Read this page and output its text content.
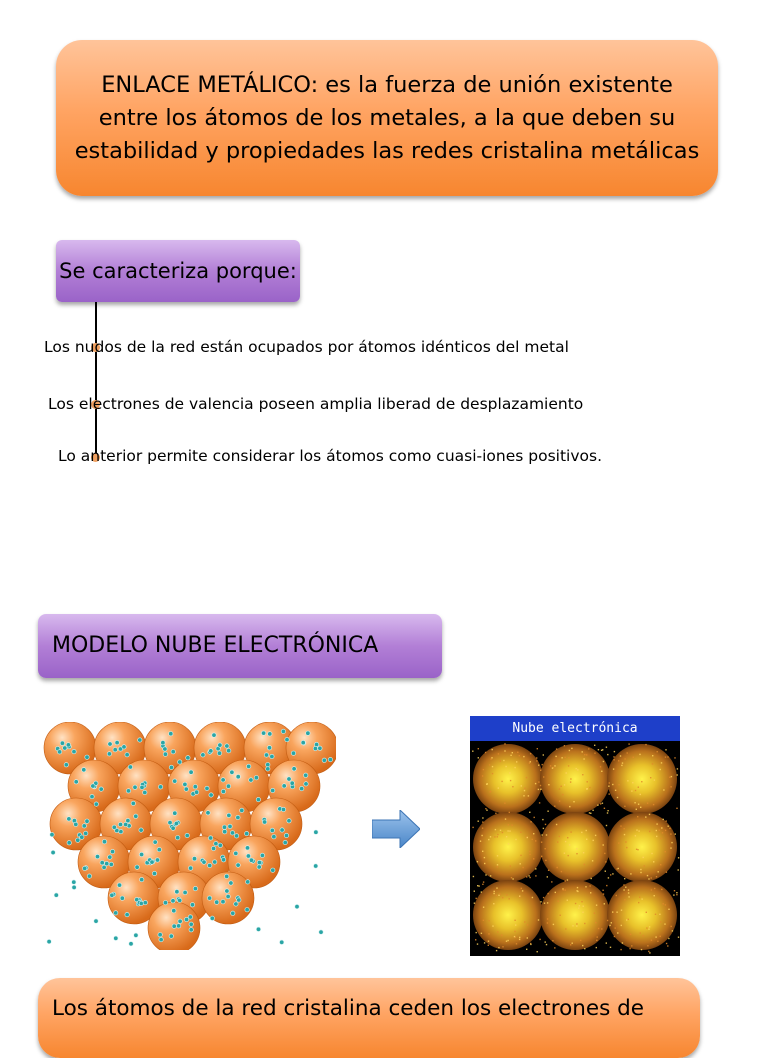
ENLACE METÁLICO: es la fuerza de unión existente entre los átomos de los metales, a la que deben su estabilidad y propiedades las redes cristalina metálicas
Se caracteriza porque:
Los nudos de la red están ocupados por átomos idénticos del metal
Los electrones de valencia poseen amplia liberad de desplazamiento
Lo anterior permite considerar los átomos como cuasi-iones positivos.
MODELO NUBE ELECTRÓNICA
Nube electrónica
Los átomos de la red cristalina ceden los electrones de
